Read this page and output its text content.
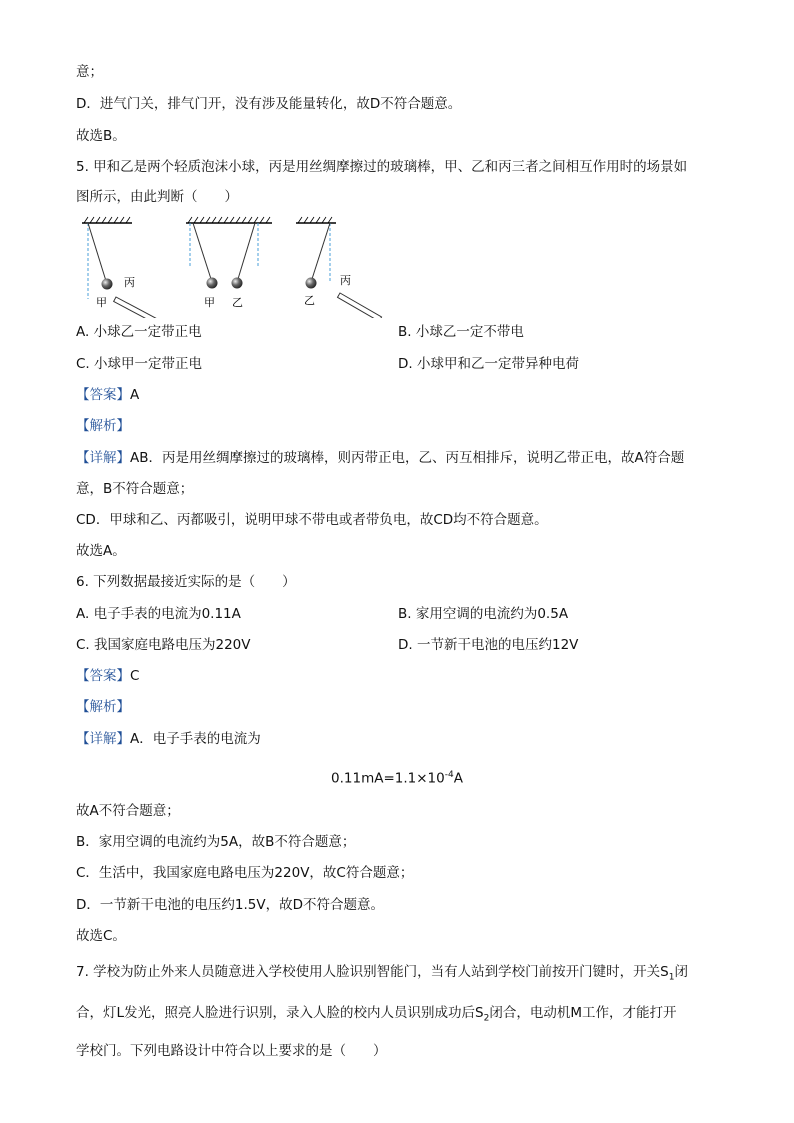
意；
D．进气门关，排气门开，没有涉及能量转化，故D不符合题意。
故选B。
5. 甲和乙是两个轻质泡沫小球，丙是用丝绸摩擦过的玻璃棒，甲、乙和丙三者之间相互作用时的场景如
图所示，由此判断（　　）
甲
丙
甲 乙	乙
丙
A. 小球乙一定带正电	B. 小球乙一定不带电
C. 小球甲一定带正电	D. 小球甲和乙一定带异种电荷
【答案】A
【解析】
【详解】AB．丙是用丝绸摩擦过的玻璃棒，则丙带正电，乙、丙互相排斥，说明乙带正电，故A符合题
意，B不符合题意；
CD．甲球和乙、丙都吸引，说明甲球不带电或者带负电，故CD均不符合题意。
故选A。
6. 下列数据最接近实际的是（　　）
A. 电子手表的电流为0.11A	B. 家用空调的电流约为0.5A
C. 我国家庭电路电压为220V	D. 一节新干电池的电压约12V
【答案】C
【解析】
【详解】A．电子手表的电流为
$0.11mA=1.1\times 10^{-4}A$
故A不符合题意；
B．家用空调的电流约为5A，故B不符合题意；
C．生活中，我国家庭电路电压为220V，故C符合题意；
D．一节新干电池的电压约1.5V，故D不符合题意。
故选C。
7. 学校为防止外来人员随意进入学校使用人脸识别智能门，当有人站到学校门前按开门键时，开关$S_1$闭
合，灯L发光，照亮人脸进行识别，录入人脸的校内人员识别成功后$S_2$闭合，电动机M工作，才能打开
学校门。下列电路设计中符合以上要求的是（　　）
